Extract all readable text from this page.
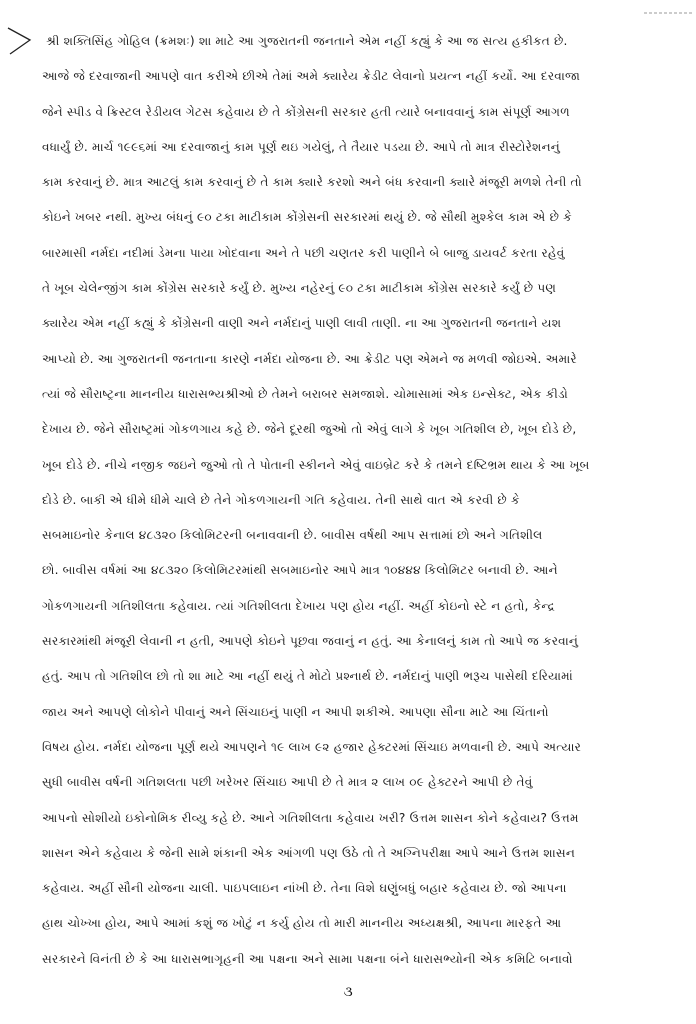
શ્રી શક્તિસિંહ ગોહિલ (ક્રમશઃ) શા માટે આ ગુજરાતની જનતાને એમ નહીં કહ્યું કે આ જ સત્ય હકીકત છે.
આજે જે દરવાજાની આપણે વાત કરીએ છીએ તેમાં અમે ક્યારેય ક્રેડીટ લેવાનો પ્રયત્ન નહીં કર્યો. આ દરવાજા
જેને સ્પીડ વે ક્રિસ્ટલ રેડીયલ ગેટસ કહેવાય છે તે કોંગ્રેસની સરકાર હતી ત્યારે બનાવવાનું કામ સંપૂર્ણ આગળ
વધાર્યું છે. માર્ચ ૧૯૯૬માં આ દરવાજાનું કામ પૂર્ણ થઇ ગયેલું, તે તૈયાર પડયા છે. આપે તો માત્ર રીસ્ટોરેશનનું
કામ કરવાનું છે. માત્ર આટલું કામ કરવાનું છે તે કામ ક્યારે કરશો અને બંધ કરવાની ક્યારે મંજૂરી મળશે તેની તો
કોઇને ખબર નથી. મુખ્ય બંધનું ૯૦ ટકા માટીકામ કોંગ્રેસની સરકારમાં થયું છે. જે સૌથી મુશ્કેલ કામ એ છે કે
બારમાસી નર્મદા નદીમાં ડેમના પાયા ખોદવાના અને તે પછી ચણતર કરી પાણીને બે બાજુ ડાયવર્ટ કરતા રહેવું
તે ખૂબ ચેલેન્જીંગ કામ કોંગ્રેસ સરકારે કર્યું છે. મુખ્ય નહેરનું ૯૦ ટકા માટીકામ કોંગ્રેસ સરકારે કર્યું છે પણ
ક્યારેય એમ નહીં કહ્યું કે કોંગ્રેસની વાણી અને નર્મદાનું પાણી લાવી તાણી. ના આ ગુજરાતની જનતાને યશ
આપ્યો છે. આ ગુજરાતની જનતાના કારણે નર્મદા યોજના છે. આ ક્રેડીટ પણ એમને જ મળવી જોઇએ. અમારે
ત્યાં જે સૌરાષ્ટ્રના માનનીય ધારાસભ્યશ્રીઓ છે તેમને બરાબર સમજાશે. ચોમાસામાં એક ઇન્સેક્ટ, એક કીડો
દેખાય છે. જેને સૌરાષ્ટ્રમાં ગોકળગાય કહે છે. જેને દૂરથી જુઓ તો એવું લાગે કે ખૂબ ગતિશીલ છે, ખૂબ દોડે છે,
ખૂબ દોડે છે. નીચે નજીક જઇને જુઓ તો તે પોતાની સ્કીનને એવું વાઇબ્રેટ કરે કે તમને દષ્ટિભ્રમ થાય કે આ ખૂબ
દોડે છે. બાકી એ ધીમે ધીમે ચાલે છે તેને ગોકળગાયની ગતિ કહેવાય. તેની સાથે વાત એ કરવી છે કે
સબમાઇનોર કેનાલ ૪૮૩૨૦ કિલોમિટરની બનાવવાની છે. બાવીસ વર્ષથી આપ સત્તામાં છો અને ગતિશીલ
છો. બાવીસ વર્ષમાં આ ૪૮૩૨૦ કિલોમિટરમાંથી સબમાઇનોર આપે માત્ર ૧૦૪૪૪ કિલોમિટર બનાવી છે. આને
ગોકળગાયની ગતિશીલતા કહેવાય. ત્યાં ગતિશીલતા દેખાય પણ હોય નહીં. અહીં કોઇનો સ્ટે ન હતો, કેન્દ્ર
સરકારમાંથી મંજૂરી લેવાની ન હતી, આપણે કોઇને પૂછવા જવાનું ન હતું. આ કેનાલનું કામ તો આપે જ કરવાનું
હતું. આપ તો ગતિશીલ છો તો શા માટે આ નહીં થયું તે મોટો પ્રશ્નાર્થ છે. નર્મદાનું પાણી ભરૂચ પાસેથી દરિયામાં
જાય અને આપણે લોકોને પીવાનું અને સિંચાઇનું પાણી ન આપી શકીએ. આપણા સૌના માટે આ ચિંતાનો
વિષય હોય. નર્મદા યોજના પૂર્ણ થયે આપણને ૧૯ લાખ ૯૨ હજાર હેક્ટરમાં સિંચાઇ મળવાની છે. આપે અત્યાર
સુધી બાવીસ વર્ષની ગતિશલતા પછી ખરેખર સિંચાઇ આપી છે તે માત્ર ૨ લાખ ૦૯ હેક્ટરને આપી છે તેવું
આપનો સોશીયો ઇકોનોમિક રીવ્યુ કહે છે. આને ગતિશીલતા કહેવાય ખરી? ઉત્તમ શાસન કોને કહેવાય? ઉત્તમ
શાસન એને કહેવાય કે જેની સામે શંકાની એક આંગળી પણ ઉઠે તો તે અગ્નિપરીક્ષા આપે આને ઉત્તમ શાસન
કહેવાય. અહીં સૌની યોજના ચાલી. પાઇપલાઇન નાંખી છે. તેના વિશે ઘણુંબધું બહાર કહેવાય છે. જો આપના
હાથ ચોખ્ખા હોય, આપે આમાં કશું જ ખોટું ન કર્યુ હોય તો મારી માનનીય અધ્યક્ષશ્રી, આપના મારફતે આ
સરકારને વિનંતી છે કે આ ધારાસભાગૃહની આ પક્ષના અને સામા પક્ષના બંને ધારાસભ્યોની એક કમિટિ બનાવો
૩
